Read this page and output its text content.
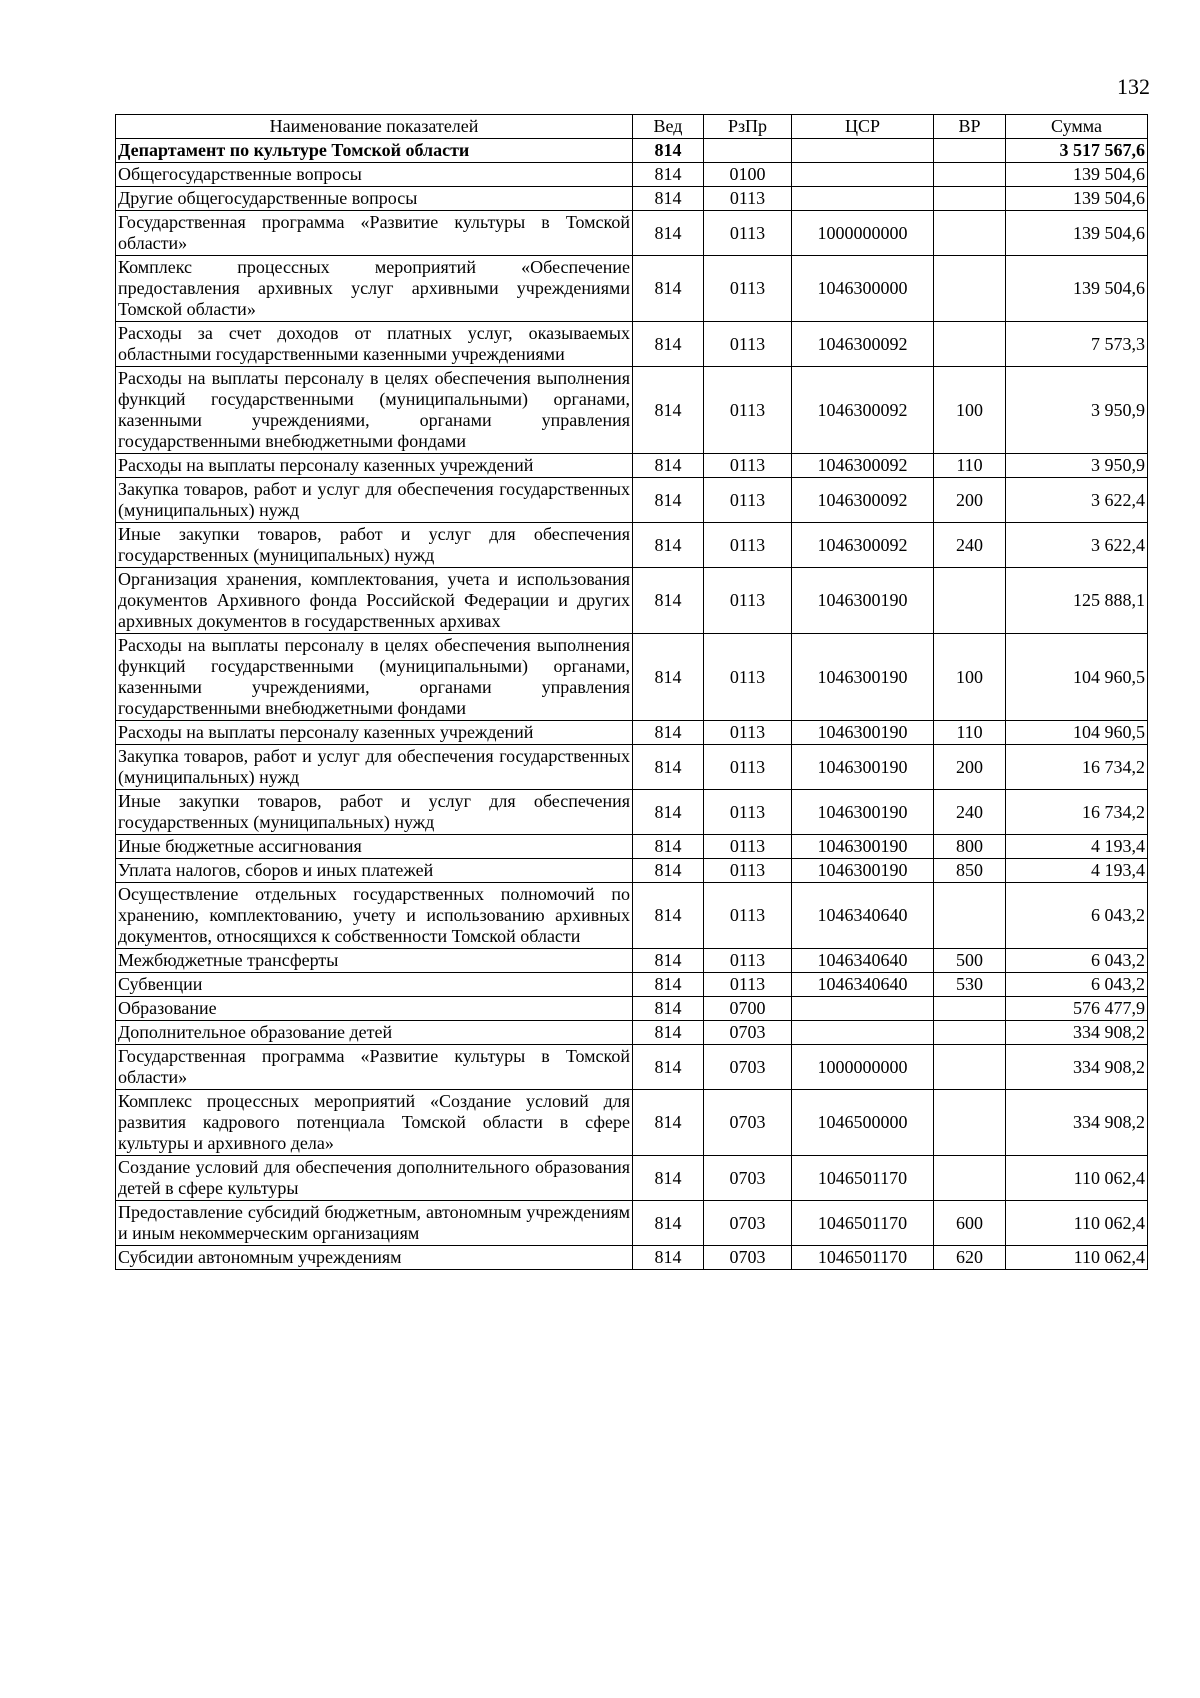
132
Наименование показателей	Вед	РзПр	ЦСР	ВР	Сумма
Департамент по культуре Томской области	814				3 517 567,6
Общегосударственные вопросы	814	0100			139 504,6
Другие общегосударственные вопросы	814	0113			139 504,6
Государственная программа «Развитие культуры в Томской области»	814	0113	1000000000		139 504,6
Комплекс процессных мероприятий «Обеспечение предоставления архивных услуг архивными учреждениями Томской области»	814	0113	1046300000		139 504,6
Расходы за счет доходов от платных услуг, оказываемых областными государственными казенными учреждениями	814	0113	1046300092		7 573,3
Расходы на выплаты персоналу в целях обеспечения выполнения функций государственными (муниципальными) органами, казенными учреждениями, органами управления государственными внебюджетными фондами	814	0113	1046300092	100	3 950,9
Расходы на выплаты персоналу казенных учреждений	814	0113	1046300092	110	3 950,9
Закупка товаров, работ и услуг для обеспечения государственных (муниципальных) нужд	814	0113	1046300092	200	3 622,4
Иные закупки товаров, работ и услуг для обеспечения государственных (муниципальных) нужд	814	0113	1046300092	240	3 622,4
Организация хранения, комплектования, учета и использования документов Архивного фонда Российской Федерации и других архивных документов в государственных архивах	814	0113	1046300190		125 888,1
Расходы на выплаты персоналу в целях обеспечения выполнения функций государственными (муниципальными) органами, казенными учреждениями, органами управления государственными внебюджетными фондами	814	0113	1046300190	100	104 960,5
Расходы на выплаты персоналу казенных учреждений	814	0113	1046300190	110	104 960,5
Закупка товаров, работ и услуг для обеспечения государственных (муниципальных) нужд	814	0113	1046300190	200	16 734,2
Иные закупки товаров, работ и услуг для обеспечения государственных (муниципальных) нужд	814	0113	1046300190	240	16 734,2
Иные бюджетные ассигнования	814	0113	1046300190	800	4 193,4
Уплата налогов, сборов и иных платежей	814	0113	1046300190	850	4 193,4
Осуществление отдельных государственных полномочий по хранению, комплектованию, учету и использованию архивных документов, относящихся к собственности Томской области	814	0113	1046340640		6 043,2
Межбюджетные трансферты	814	0113	1046340640	500	6 043,2
Субвенции	814	0113	1046340640	530	6 043,2
Образование	814	0700			576 477,9
Дополнительное образование детей	814	0703			334 908,2
Государственная программа «Развитие культуры в Томской области»	814	0703	1000000000		334 908,2
Комплекс процессных мероприятий «Создание условий для развития кадрового потенциала Томской области в сфере культуры и архивного дела»	814	0703	1046500000		334 908,2
Создание условий для обеспечения дополнительного образования детей в сфере культуры	814	0703	1046501170		110 062,4
Предоставление субсидий бюджетным, автономным учреждениям и иным некоммерческим организациям	814	0703	1046501170	600	110 062,4
Субсидии автономным учреждениям	814	0703	1046501170	620	110 062,4
